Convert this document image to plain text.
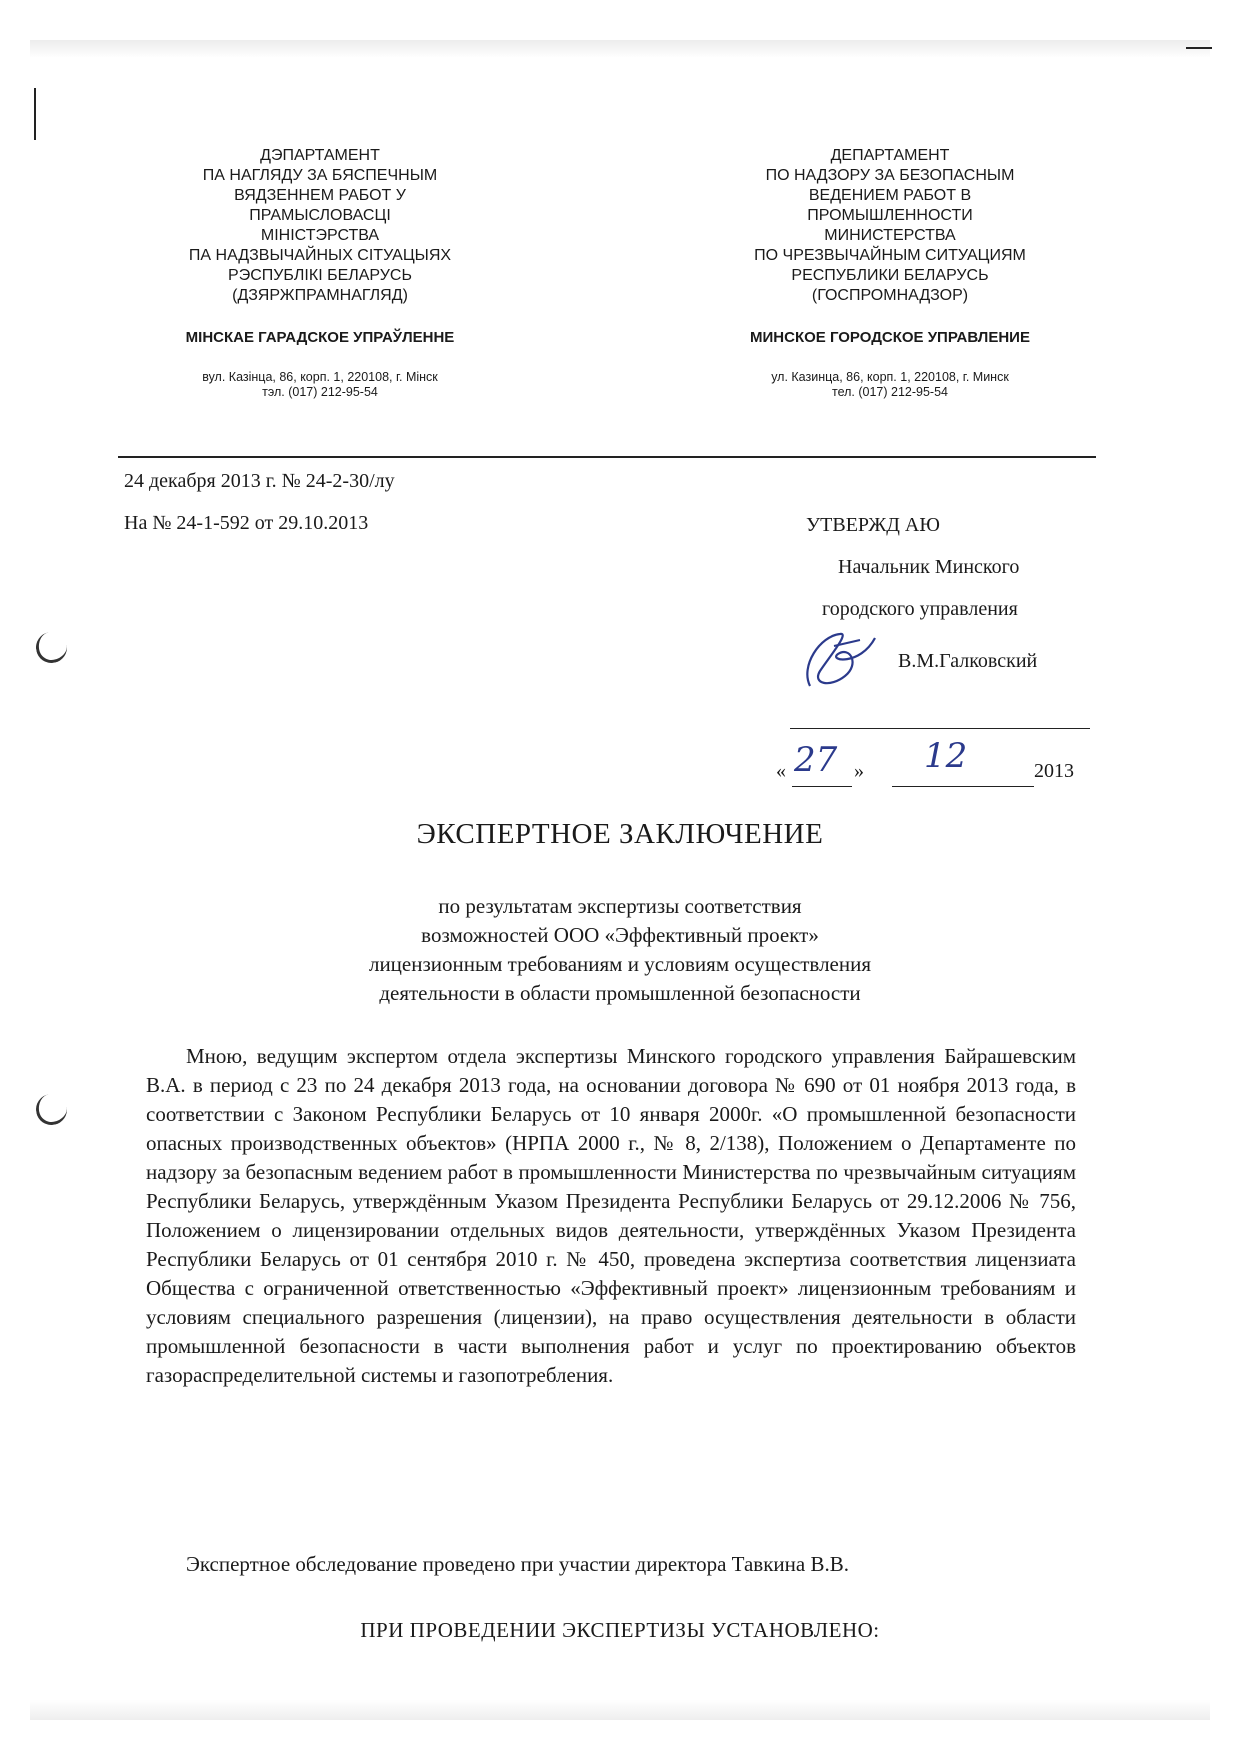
ДЭПАРТАМЕНТ
ПА НАГЛЯДУ ЗА БЯСПЕЧНЫМ
ВЯДЗЕННЕМ РАБОТ У
ПРАМЫСЛОВАСЦІ
МІНІСТЭРСТВА
ПА НАДЗВЫЧАЙНЫХ СІТУАЦЫЯХ
РЭСПУБЛІКІ БЕЛАРУСЬ
(ДЗЯРЖПРАМНАГЛЯД)
МІНСКАЕ ГАРАДСКОЕ УПРАЎЛЕННЕ
вул. Казінца, 86, корп. 1, 220108, г. Мінск
тэл. (017) 212-95-54
ДЕПАРТАМЕНТ
ПО НАДЗОРУ ЗА БЕЗОПАСНЫМ
ВЕДЕНИЕМ РАБОТ В
ПРОМЫШЛЕННОСТИ
МИНИСТЕРСТВА
ПО ЧРЕЗВЫЧАЙНЫМ СИТУАЦИЯМ
РЕСПУБЛИКИ БЕЛАРУСЬ
(ГОСПРОМНАДЗОР)
МИНСКОЕ ГОРОДСКОЕ УПРАВЛЕНИЕ
ул. Казинца, 86, корп. 1, 220108, г. Минск
тел. (017) 212-95-54
24 декабря 2013 г. № 24-2-30/лу
На № 24-1-592 от 29.10.2013	УТВЕРЖД АЮ
Начальник Минского
городского управления
В.М.Галковский
« 27 » 12	2013
ЭКСПЕРТНОЕ ЗАКЛЮЧЕНИЕ
по результатам экспертизы соответствия
возможностей ООО «Эффективный проект»
лицензионным требованиям и условиям осуществления
деятельности в области промышленной безопасности
Мною, ведущим экспертом отдела экспертизы Минского городского управления Байрашевским В.А. в период с 23 по 24 декабря 2013 года, на основании договора № 690 от 01 ноября 2013 года, в соответствии с Законом Республики Беларусь от 10 января 2000г. «О промышленной безопасности опасных производственных объектов» (НРПА 2000 г., № 8, 2/138), Положением о Департаменте по надзору за безопасным ведением работ в промышленности Министерства по чрезвычайным ситуациям Республики Беларусь, утверждённым Указом Президента Республики Беларусь от 29.12.2006 № 756, Положением о лицензировании отдельных видов деятельности, утверждённых Указом Президента Республики Беларусь от 01 сентября 2010 г. № 450, проведена экспертиза соответствия лицензиата Общества с ограниченной ответственностью «Эффективный проект» лицензионным требованиям и условиям специального разрешения (лицензии), на право осуществления деятельности в области промышленной безопасности в части выполнения работ и услуг по проектированию объектов газораспределительной системы и газопотребления.
Экспертное обследование проведено при участии директора Тавкина В.В.
ПРИ ПРОВЕДЕНИИ ЭКСПЕРТИЗЫ УСТАНОВЛЕНО:
